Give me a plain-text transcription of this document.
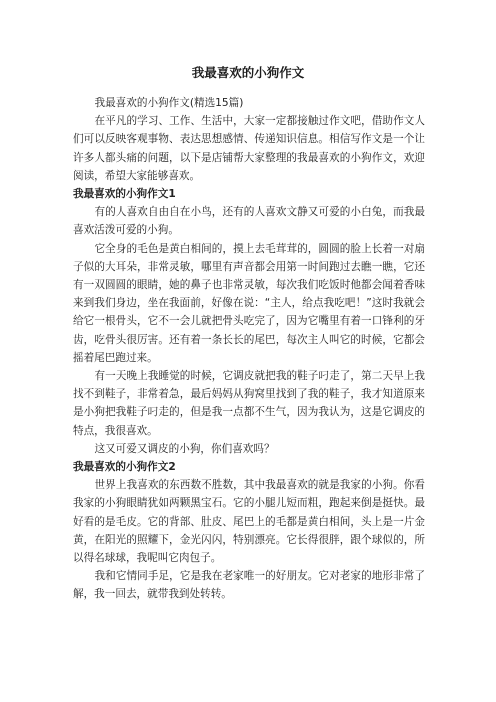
我最喜欢的小狗作文

我最喜欢的小狗作文(精选15篇)

在平凡的学习、工作、生活中，大家一定都接触过作文吧，借助作文人们可以反映客观事物、表达思想感情、传递知识信息。相信写作文是一个让许多人都头痛的问题，以下是店铺帮大家整理的我最喜欢的小狗作文，欢迎阅读，希望大家能够喜欢。

我最喜欢的小狗作文1

有的人喜欢自由自在小鸟，还有的人喜欢文静又可爱的小白兔，而我最喜欢活泼可爱的小狗。

它全身的毛色是黄白相间的，摸上去毛茸茸的，圆圆的脸上长着一对扇子似的大耳朵，非常灵敏，哪里有声音都会用第一时间跑过去瞧一瞧，它还有一双圆圆的眼睛，她的鼻子也非常灵敏，每次我们吃饭时他都会闻着香味来到我们身边，坐在我面前，好像在说：“主人，给点我吃吧！”这时我就会给它一根骨头，它不一会儿就把骨头吃完了，因为它嘴里有着一口锋利的牙齿，吃骨头很厉害。还有着一条长长的尾巴，每次主人叫它的时候，它都会摇着尾巴跑过来。

有一天晚上我睡觉的时候，它调皮就把我的鞋子叼走了，第二天早上我找不到鞋子，非常着急，最后妈妈从狗窝里找到了我的鞋子，我才知道原来是小狗把我鞋子叼走的，但是我一点都不生气，因为我认为，这是它调皮的特点，我很喜欢。

这又可爱又调皮的小狗，你们喜欢吗？

我最喜欢的小狗作文2

世界上我喜欢的东西数不胜数，其中我最喜欢的就是我家的小狗。你看我家的小狗眼睛犹如两颗黑宝石。它的小腿儿短而粗，跑起来倒是挺快。最好看的是毛皮。它的背部、肚皮、尾巴上的毛都是黄白相间，头上是一片金黄，在阳光的照耀下，金光闪闪，特别漂亮。它长得很胖，跟个球似的，所以得名球球，我呢叫它肉包子。

我和它情同手足，它是我在老家唯一的好朋友。它对老家的地形非常了解，我一回去，就带我到处转转。
